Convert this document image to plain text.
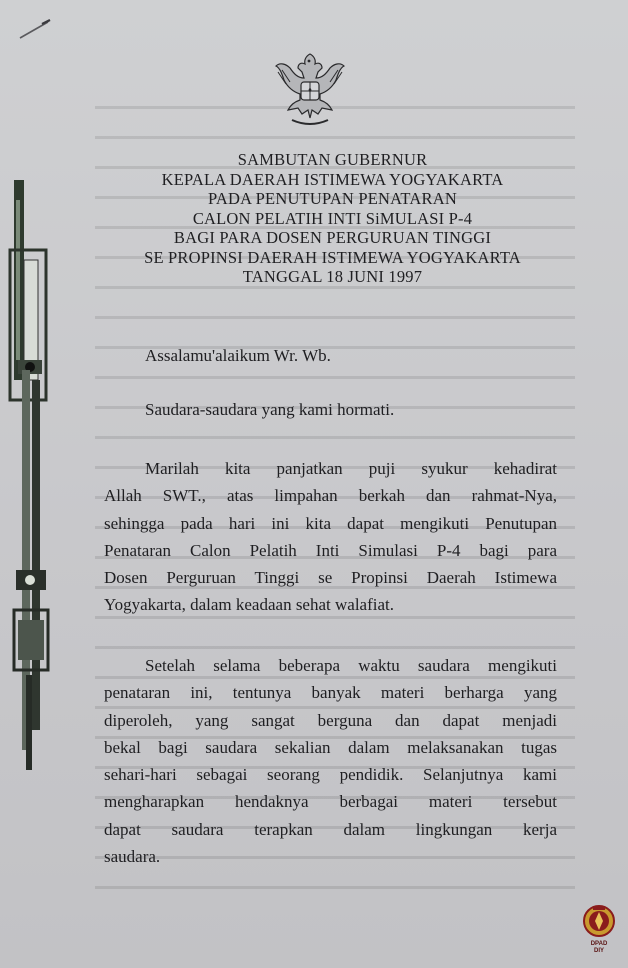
SAMBUTAN GUBERNUR
KEPALA DAERAH ISTIMEWA YOGYAKARTA
PADA PENUTUPAN PENATARAN
CALON PELATIH INTI SiMULASI P-4
BAGI PARA DOSEN PERGURUAN TINGGI
SE PROPINSI DAERAH ISTIMEWA YOGYAKARTA
TANGGAL 18 JUNI 1997
Assalamu'alaikum Wr. Wb.
Saudara-saudara yang kami hormati.
Marilah kita panjatkan puji syukur kehadirat
Allah SWT., atas limpahan berkah dan rahmat-Nya,
sehingga pada hari ini kita dapat mengikuti Penutupan
Penataran Calon Pelatih Inti Simulasi P-4 bagi para
Dosen Perguruan Tinggi se Propinsi Daerah Istimewa
Yogyakarta, dalam keadaan sehat walafiat.
Setelah selama beberapa waktu saudara mengikuti
penataran ini, tentunya banyak materi berharga yang
diperoleh, yang sangat berguna dan dapat menjadi
bekal bagi saudara sekalian dalam melaksanakan tugas
sehari-hari sebagai seorang pendidik. Selanjutnya kami
mengharapkan hendaknya berbagai materi tersebut
dapat saudara terapkan dalam lingkungan kerja
saudara.
DPAD
DIY
